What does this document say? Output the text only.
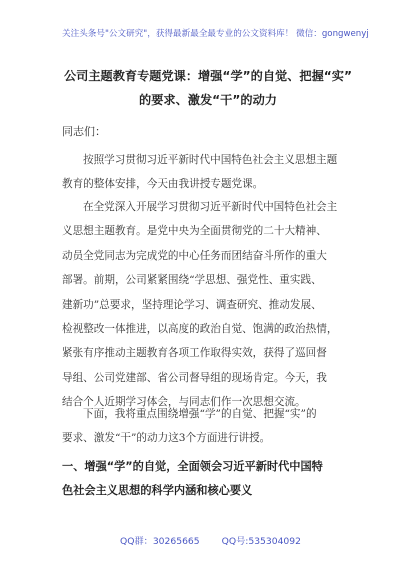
关注头条号"公文研究"，获得最新最全最专业的公文资料库！ 微信：gongwenyj
公司主题教育专题党课：增强“学”的自觉、把握“实”
的要求、激发“干”的动力
同志们：
按照学习贯彻习近平新时代中国特色社会主义思想主题
教育的整体安排，今天由我讲授专题党课。
在全党深入开展学习贯彻习近平新时代中国特色社会主
义思想主题教育。是党中央为全面贯彻党的二十大精神、
动员全党同志为完成党的中心任务而团结奋斗所作的重大
部署。前期，公司紧紧围绕“学思想、强党性、重实践、
建新功”总要求，坚持理论学习、调查研究、推动发展、
检视整改一体推进，以高度的政治自觉、饱满的政治热情，
紧张有序推动主题教育各项工作取得实效，获得了巡回督
导组、公司党建部、省公司督导组的现场肯定。今天，我
结合个人近期学习体会，与同志们作一次思想交流。
下面，我将重点围绕增强“学”的自觉、把握“实”的
要求、激发“干”的动力这3个方面进行讲授。
一、增强“学”的自觉，全面领会习近平新时代中国特
色社会主义思想的科学内涵和核心要义
QQ群：30265665 QQ号:535304092
